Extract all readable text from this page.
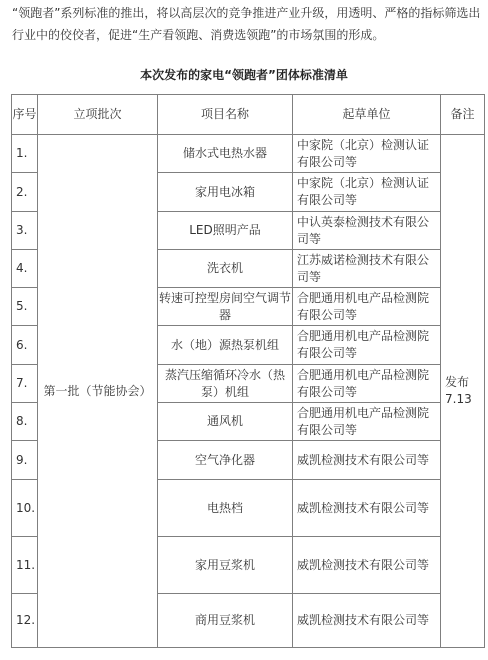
“领跑者”系列标准的推出，将以高层次的竞争推进产业升级，用透明、严格的指标筛选出行业中的佼佼者，促进“生产看领跑、消费选领跑”的市场氛围的形成。
本次发布的家电“领跑者”团体标准清单
序号	立项批次	项目名称	起草单位	备注
1.	第一批（节能协会）	储水式电热水器	中家院（北京）检测认证有限公司等	发布7.13
2.		家用电冰箱	中家院（北京）检测认证有限公司等	
3.		LED照明产品	中认英泰检测技术有限公司等	
4.		洗衣机	江苏威诺检测技术有限公司等	
5.		转速可控型房间空气调节器	合肥通用机电产品检测院有限公司等	
6.		水（地）源热泵机组	合肥通用机电产品检测院有限公司等	
7.		蒸汽压缩循环冷水（热泵）机组	合肥通用机电产品检测院有限公司等	
8.		通风机	合肥通用机电产品检测院有限公司等	
9.		空气净化器	威凯检测技术有限公司等	
10.		电热档	威凯检测技术有限公司等	
11.		家用豆浆机	威凯检测技术有限公司等	
12.		商用豆浆机	威凯检测技术有限公司等	
